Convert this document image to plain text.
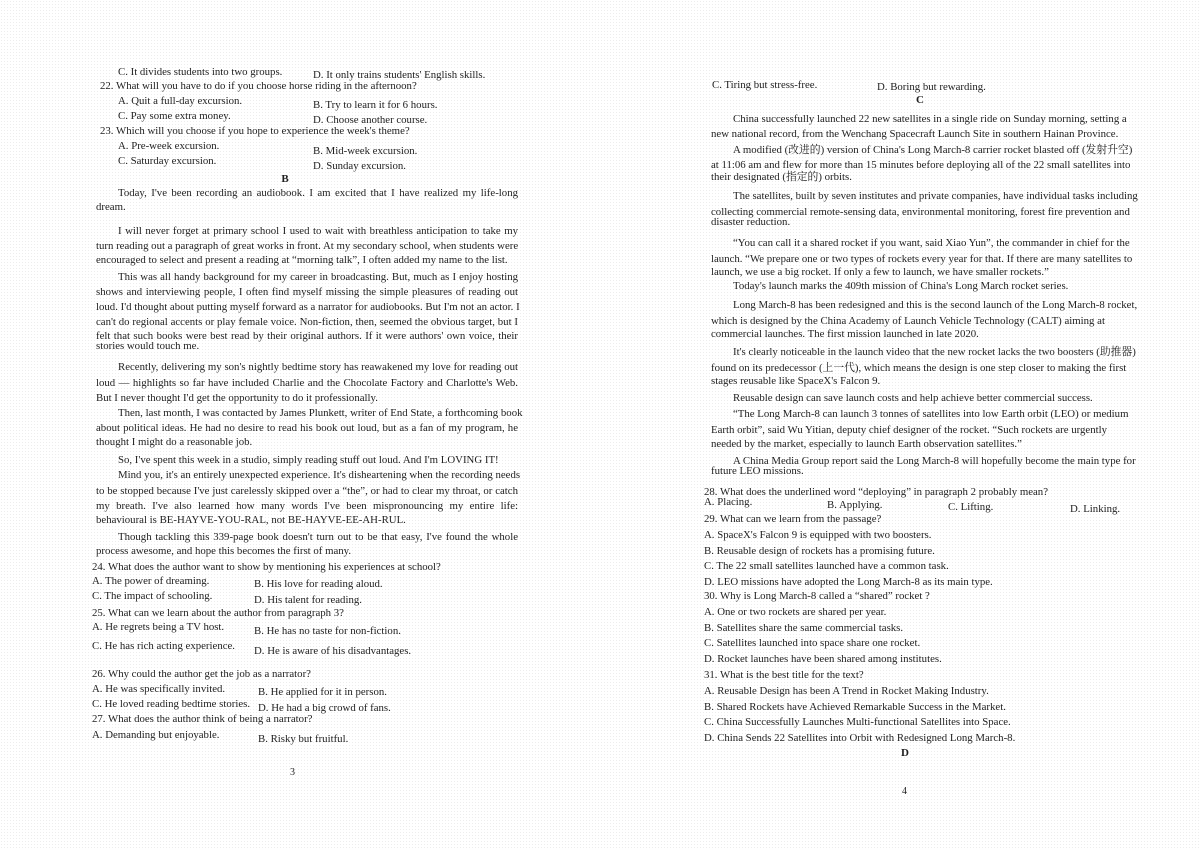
C. It divides students into two groups.	D. It only trains students' English skills.

22. What will you have to do if you choose horse riding in the afternoon?

A. Quit a full-day excursion.	B. Try to learn it for 6 hours.

C. Pay some extra money.	D. Choose another course.

23. Which will you choose if you hope to experience the week's theme?

A. Pre-week excursion.	B. Mid-week excursion.

C. Saturday excursion.	D. Sunday excursion.

B

Today, I've been recording an audiobook. I am excited that I have realized my life-long

dream.

I will never forget at primary school I used to wait with breathless anticipation to take my

turn reading out a paragraph of great works in front. At my secondary school, when students were

encouraged to select and present a reading at “morning talk”, I often added my name to the list.

This was all handy background for my career in broadcasting. But, much as I enjoy hosting

shows and interviewing people, I often find myself missing the simple pleasures of reading out

loud. I'd thought about putting myself forward as a narrator for audiobooks. But I'm not an actor. I

can't do regional accents or play female voice. Non-fiction, then, seemed the obvious target, but I

felt that such books were best read by their original authors. If it were authors' own voice, their

stories would touch me.

Recently, delivering my son's nightly bedtime story has reawakened my love for reading out

loud — highlights so far have included Charlie and the Chocolate Factory and Charlotte's Web.

But I never thought I'd get the opportunity to do it professionally.

Then, last month, I was contacted by James Plunkett, writer of End State, a forthcoming book

about political ideas. He had no desire to read his book out loud, but as a fan of my program, he

thought I might do a reasonable job.

So, I've spent this week in a studio, simply reading stuff out loud. And I'm LOVING IT!

Mind you, it's an entirely unexpected experience. It's disheartening when the recording needs

to be stopped because I've just carelessly skipped over a “the”, or had to clear my throat, or catch

my breath. I've also learned how many words I've been mispronouncing my entire life:

behavioural is BE-HAYVE-YOU-RAL, not BE-HAYVE-EE-AH-RUL.

Though tackling this 339-page book doesn't turn out to be that easy, I've found the whole

process awesome, and hope this becomes the first of many.

24. What does the author want to show by mentioning his experiences at school?

A. The power of dreaming.	B. His love for reading aloud.

C. The impact of schooling.	D. His talent for reading.

25. What can we learn about the author from paragraph 3?

A. He regrets being a TV host.	B. He has no taste for non-fiction.

C. He has rich acting experience. D. He is aware of his disadvantages.

26. Why could the author get the job as a narrator?

A. He was specifically invited.	B. He applied for it in person.

C. He loved reading bedtime stories. D. He had a big crowd of fans.

27. What does the author think of being a narrator?

A. Demanding but enjoyable.	B. Risky but fruitful.

3

C. Tiring but stress-free.	D. Boring but rewarding.

C

China successfully launched 22 new satellites in a single ride on Sunday morning, setting a

new national record, from the Wenchang Spacecraft Launch Site in southern Hainan Province.

A modified (改进的) version of China's Long March-8 carrier rocket blasted off (发射升空)

at 11:06 am and flew for more than 15 minutes before deploying all of the 22 small satellites into

their designated (指定的) orbits.

The satellites, built by seven institutes and private companies, have individual tasks including

collecting commercial remote-sensing data, environmental monitoring, forest fire prevention and

disaster reduction.

“You can call it a shared rocket if you want, said Xiao Yun”, the commander in chief for the

launch. “We prepare one or two types of rockets every year for that. If there are many satellites to

launch, we use a big rocket. If only a few to launch, we have smaller rockets.”

Today's launch marks the 409th mission of China's Long March rocket series.

Long March-8 has been redesigned and this is the second launch of the Long March-8 rocket,

which is designed by the China Academy of Launch Vehicle Technology (CALT) aiming at

commercial launches. The first mission launched in late 2020.

It's clearly noticeable in the launch video that the new rocket lacks the two boosters (助推器)

found on its predecessor (上一代), which means the design is one step closer to making the first

stages reusable like SpaceX's Falcon 9.

Reusable design can save launch costs and help achieve better commercial success.

“The Long March-8 can launch 3 tonnes of satellites into low Earth orbit (LEO) or medium

Earth orbit”, said Wu Yitian, deputy chief designer of the rocket. “Such rockets are urgently

needed by the market, especially to launch Earth observation satellites.”

A China Media Group report said the Long March-8 will hopefully become the main type for

future LEO missions.

28. What does the underlined word “deploying” in paragraph 2 probably mean?

A. Placing.	B. Applying.	C. Lifting.	D. Linking.

29. What can we learn from the passage?

A. SpaceX's Falcon 9 is equipped with two boosters.

B. Reusable design of rockets has a promising future.

C. The 22 small satellites launched have a common task.

D. LEO missions have adopted the Long March-8 as its main type.

30. Why is Long March-8 called a “shared” rocket ?

A. One or two rockets are shared per year.

B. Satellites share the same commercial tasks.

C. Satellites launched into space share one rocket.

D. Rocket launches have been shared among institutes.

31. What is the best title for the text?

A. Reusable Design has been A Trend in Rocket Making Industry.

B. Shared Rockets have Achieved Remarkable Success in the Market.

C. China Successfully Launches Multi-functional Satellites into Space.

D. China Sends 22 Satellites into Orbit with Redesigned Long March-8.

D
4
